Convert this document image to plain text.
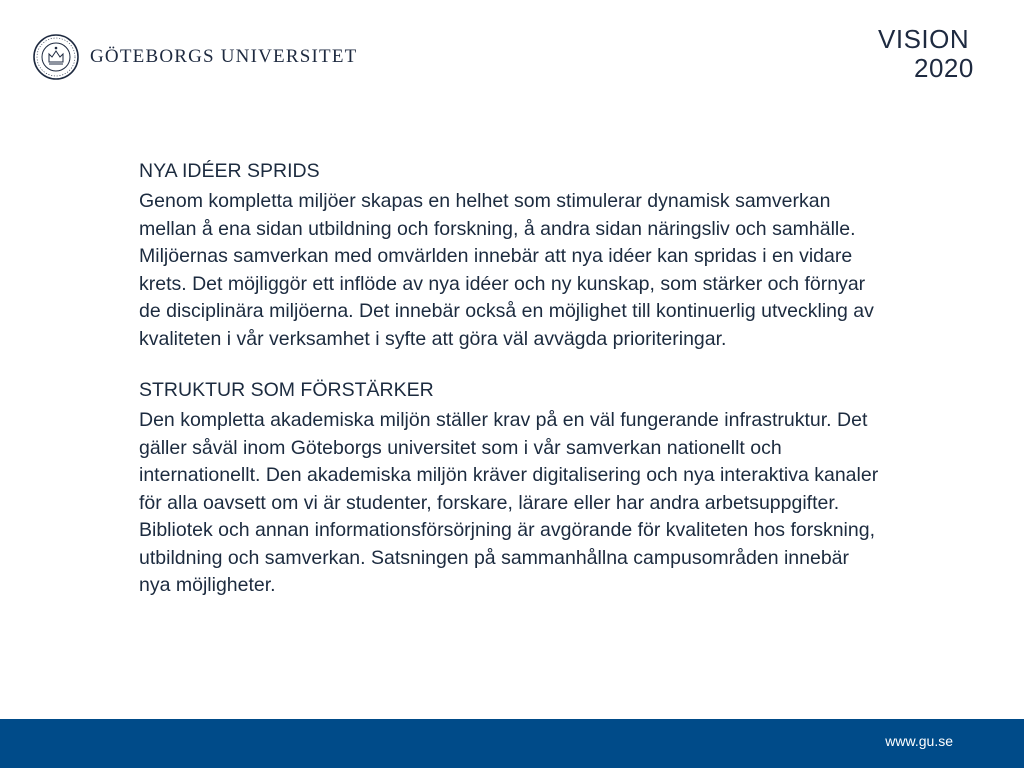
GÖTEBORGS UNIVERSITET
VISION
2020
NYA IDÉER SPRIDS

Genom kompletta miljöer skapas en helhet som stimulerar dynamisk samverkan mellan å ena sidan utbildning och forskning, å andra sidan näringsliv och samhälle. Miljöernas samverkan med omvärlden innebär att nya idéer kan spridas i en vidare krets. Det möjliggör ett inflöde av nya idéer och ny kunskap, som stärker och förnyar de disciplinära miljöerna. Det innebär också en möjlighet till kontinuerlig utveckling av kvaliteten i vår verksamhet i syfte att göra väl avvägda prioriteringar.

STRUKTUR SOM FÖRSTÄRKER

Den kompletta akademiska miljön ställer krav på en väl fungerande infrastruktur. Det gäller såväl inom Göteborgs universitet som i vår samverkan nationellt och internationellt. Den akademiska miljön kräver digitalisering och nya interaktiva kanaler för alla oavsett om vi är studenter, forskare, lärare eller har andra arbetsuppgifter. Bibliotek och annan informationsförsörjning är avgörande för kvaliteten hos forskning, utbildning och samverkan. Satsningen på sammanhållna campusområden innebär nya möjligheter.

www.gu.se
